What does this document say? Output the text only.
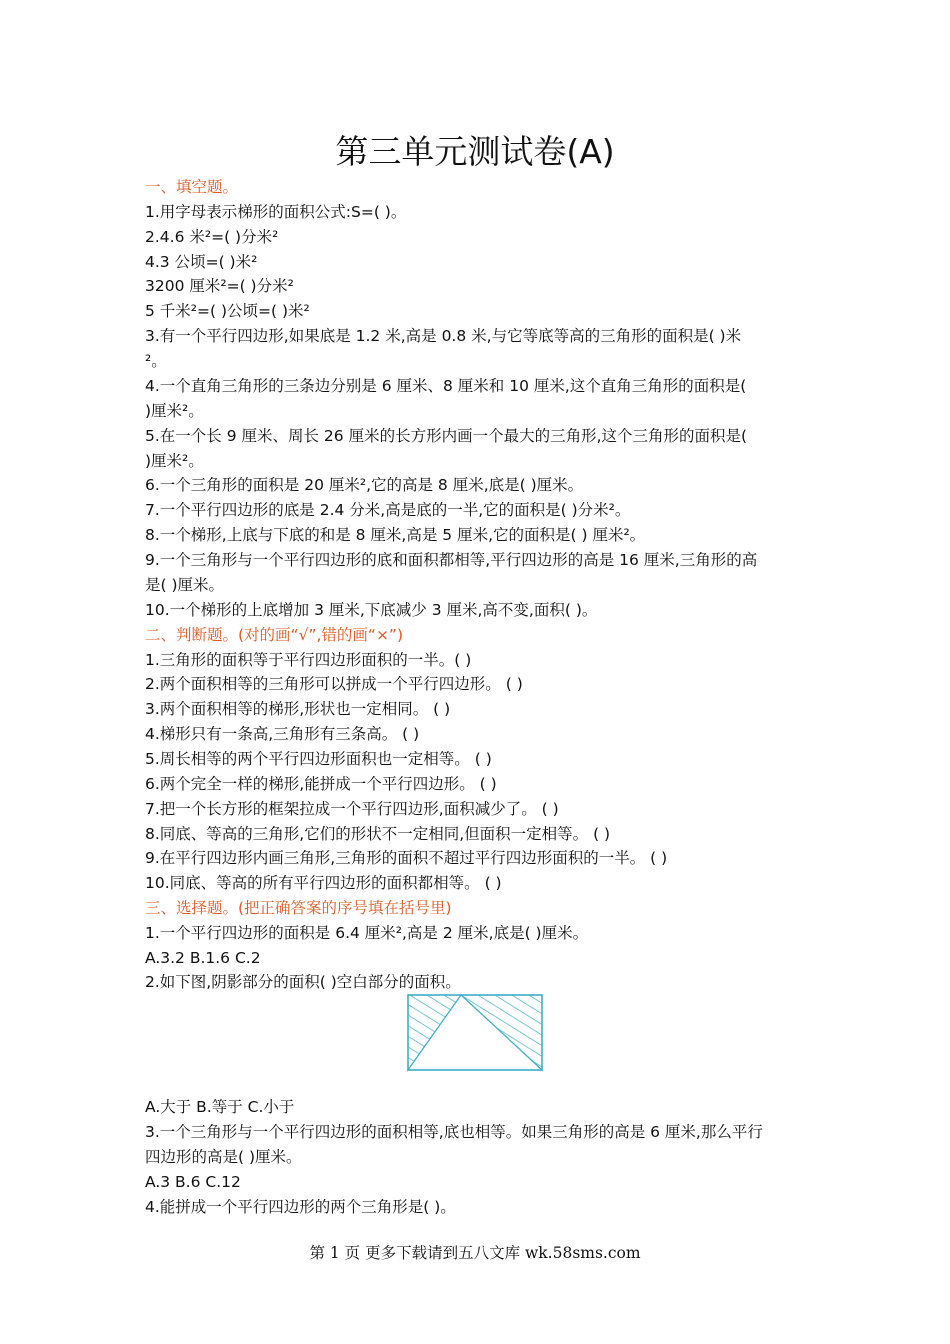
第三单元测试卷(A)
一、填空题。
1.用字母表示梯形的面积公式:S=( )。
2.4.6 米²=( )分米²
4.3 公顷=( )米²
3200 厘米²=( )分米²
5 千米²=( )公顷=( )米²
3.有一个平行四边形,如果底是 1.2 米,高是 0.8 米,与它等底等高的三角形的面积是( )米
²。
4.一个直角三角形的三条边分别是 6 厘米、8 厘米和 10 厘米,这个直角三角形的面积是(
)厘米²。
5.在一个长 9 厘米、周长 26 厘米的长方形内画一个最大的三角形,这个三角形的面积是(
)厘米²。
6.一个三角形的面积是 20 厘米²,它的高是 8 厘米,底是( )厘米。
7.一个平行四边形的底是 2.4 分米,高是底的一半,它的面积是( )分米²。
8.一个梯形,上底与下底的和是 8 厘米,高是 5 厘米,它的面积是( ) 厘米²。
9.一个三角形与一个平行四边形的底和面积都相等,平行四边形的高是 16 厘米,三角形的高
是( )厘米。
10.一个梯形的上底增加 3 厘米,下底减少 3 厘米,高不变,面积( )。
二、判断题。(对的画“√”,错的画“×”)
1.三角形的面积等于平行四边形面积的一半。( )
2.两个面积相等的三角形可以拼成一个平行四边形。 ( )
3.两个面积相等的梯形,形状也一定相同。 ( )
4.梯形只有一条高,三角形有三条高。 ( )
5.周长相等的两个平行四边形面积也一定相等。 ( )
6.两个完全一样的梯形,能拼成一个平行四边形。 ( )
7.把一个长方形的框架拉成一个平行四边形,面积减少了。 ( )
8.同底、等高的三角形,它们的形状不一定相同,但面积一定相等。 ( )
9.在平行四边形内画三角形,三角形的面积不超过平行四边形面积的一半。 ( )
10.同底、等高的所有平行四边形的面积都相等。 ( )
三、选择题。(把正确答案的序号填在括号里)
1.一个平行四边形的面积是 6.4 厘米²,高是 2 厘米,底是( )厘米。
A.3.2 B.1.6 C.2
2.如下图,阴影部分的面积( )空白部分的面积。
A.大于 B.等于 C.小于
3.一个三角形与一个平行四边形的面积相等,底也相等。如果三角形的高是 6 厘米,那么平行
四边形的高是( )厘米。
A.3 B.6 C.12
4.能拼成一个平行四边形的两个三角形是( )。
第 1 页 更多下载请到五八文库 wk.58sms.com
